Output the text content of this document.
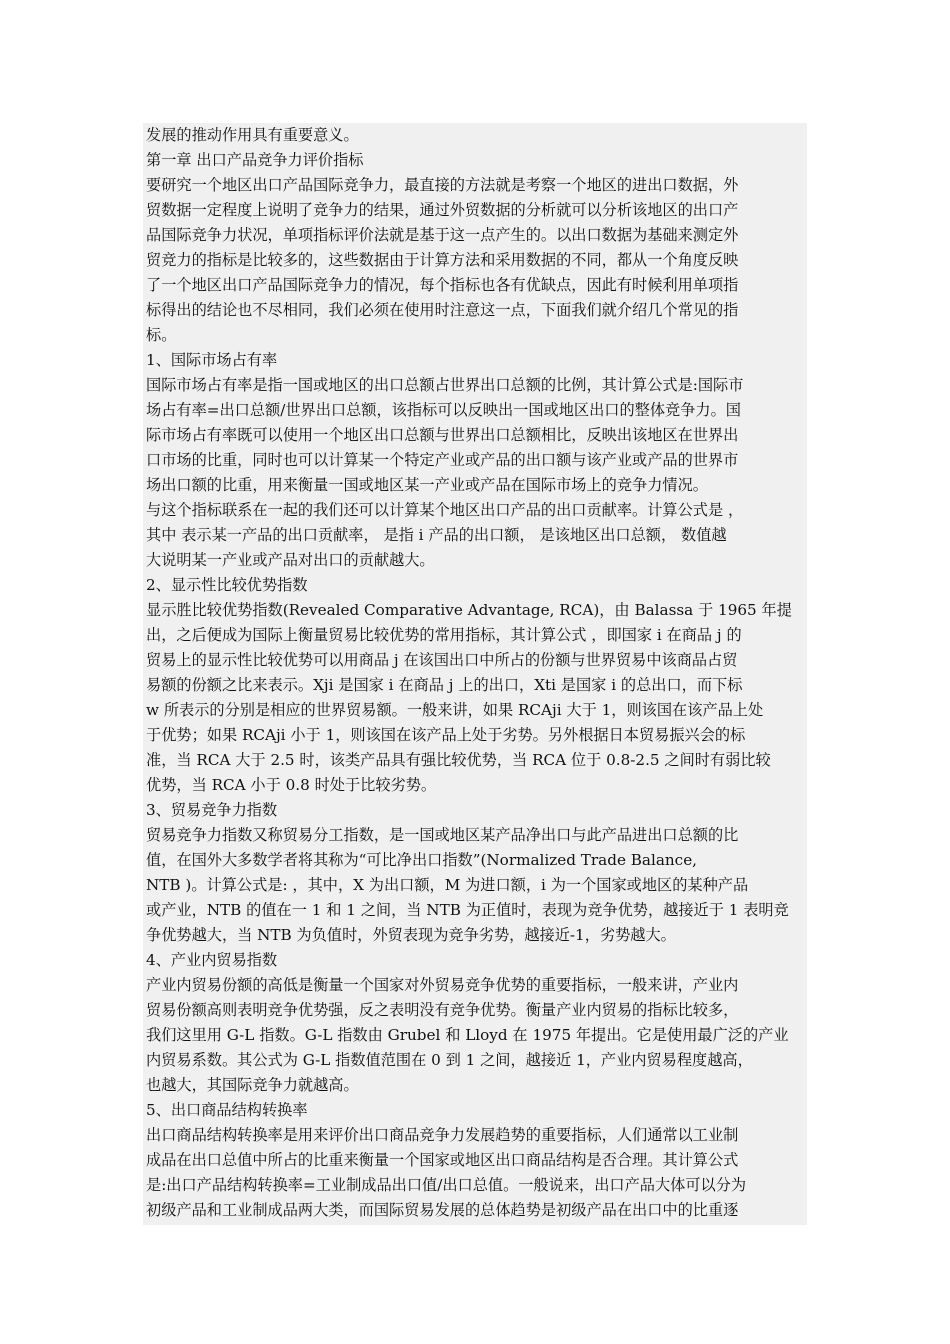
发展的推动作用具有重要意义。
第一章 出口产品竞争力评价指标
要研究一个地区出口产品国际竞争力，最直接的方法就是考察一个地区的进出口数据，外
贸数据一定程度上说明了竞争力的结果，通过外贸数据的分析就可以分析该地区的出口产
品国际竞争力状况，单项指标评价法就是基于这一点产生的。以出口数据为基础来测定外
贸竞力的指标是比较多的，这些数据由于计算方法和采用数据的不同，都从一个角度反映
了一个地区出口产品国际竞争力的情况，每个指标也各有优缺点，因此有时候利用单项指
标得出的结论也不尽相同，我们必须在使用时注意这一点，下面我们就介绍几个常见的指
标。
1、国际市场占有率
国际市场占有率是指一国或地区的出口总额占世界出口总额的比例，其计算公式是:国际市
场占有率=出口总额/世界出口总额，该指标可以反映出一国或地区出口的整体竞争力。国
际市场占有率既可以使用一个地区出口总额与世界出口总额相比，反映出该地区在世界出
口市场的比重，同时也可以计算某一个特定产业或产品的出口额与该产业或产品的世界市
场出口额的比重，用来衡量一国或地区某一产业或产品在国际市场上的竞争力情况。
与这个指标联系在一起的我们还可以计算某个地区出口产品的出口贡献率。计算公式是 ，
其中 表示某一产品的出口贡献率， 是指 i 产品的出口额， 是该地区出口总额， 数值越
大说明某一产业或产品对出口的贡献越大。
2、显示性比较优势指数
显示胜比较优势指数(Revealed Comparative Advantage, RCA)，由 Balassa 于 1965 年提
出，之后便成为国际上衡量贸易比较优势的常用指标，其计算公式 ，即国家 i 在商品 j 的
贸易上的显示性比较优势可以用商品 j 在该国出口中所占的份额与世界贸易中该商品占贸
易额的份额之比来表示。Xji 是国家 i 在商品 j 上的出口，Xti 是国家 i 的总出口，而下标
w 所表示的分别是相应的世界贸易额。一般来讲，如果 RCAji 大于 1，则该国在该产品上处
于优势；如果 RCAji 小于 1，则该国在该产品上处于劣势。另外根据日本贸易振兴会的标
准，当 RCA 大于 2.5 时，该类产品具有强比较优势，当 RCA 位于 0.8-2.5 之间时有弱比较
优势，当 RCA 小于 0.8 时处于比较劣势。
3、贸易竞争力指数
贸易竞争力指数又称贸易分工指数，是一国或地区某产品净出口与此产品进出口总额的比
值，在国外大多数学者将其称为“可比净出口指数”(Normalized Trade Balance,
NTB )。计算公式是: ，其中，X 为出口额，M 为进口额，i 为一个国家或地区的某种产品
或产业，NTB 的值在一 1 和 1 之间，当 NTB 为正值时，表现为竞争优势，越接近于 1 表明竞
争优势越大，当 NTB 为负值时，外贸表现为竞争劣势，越接近-1，劣势越大。
4、产业内贸易指数
产业内贸易份额的高低是衡量一个国家对外贸易竞争优势的重要指标，一般来讲，产业内
贸易份额高则表明竞争优势强，反之表明没有竞争优势。衡量产业内贸易的指标比较多，
我们这里用 G-L 指数。G-L 指数由 Grubel 和 Lloyd 在 1975 年提出。它是使用最广泛的产业
内贸易系数。其公式为 G-L 指数值范围在 0 到 1 之间，越接近 1，产业内贸易程度越高，
也越大，其国际竞争力就越高。
5、出口商品结构转换率
出口商品结构转换率是用来评价出口商品竞争力发展趋势的重要指标，人们通常以工业制
成品在出口总值中所占的比重来衡量一个国家或地区出口商品结构是否合理。其计算公式
是:出口产品结构转换率=工业制成品出口值/出口总值。一般说来，出口产品大体可以分为
初级产品和工业制成品两大类，而国际贸易发展的总体趋势是初级产品在出口中的比重逐
